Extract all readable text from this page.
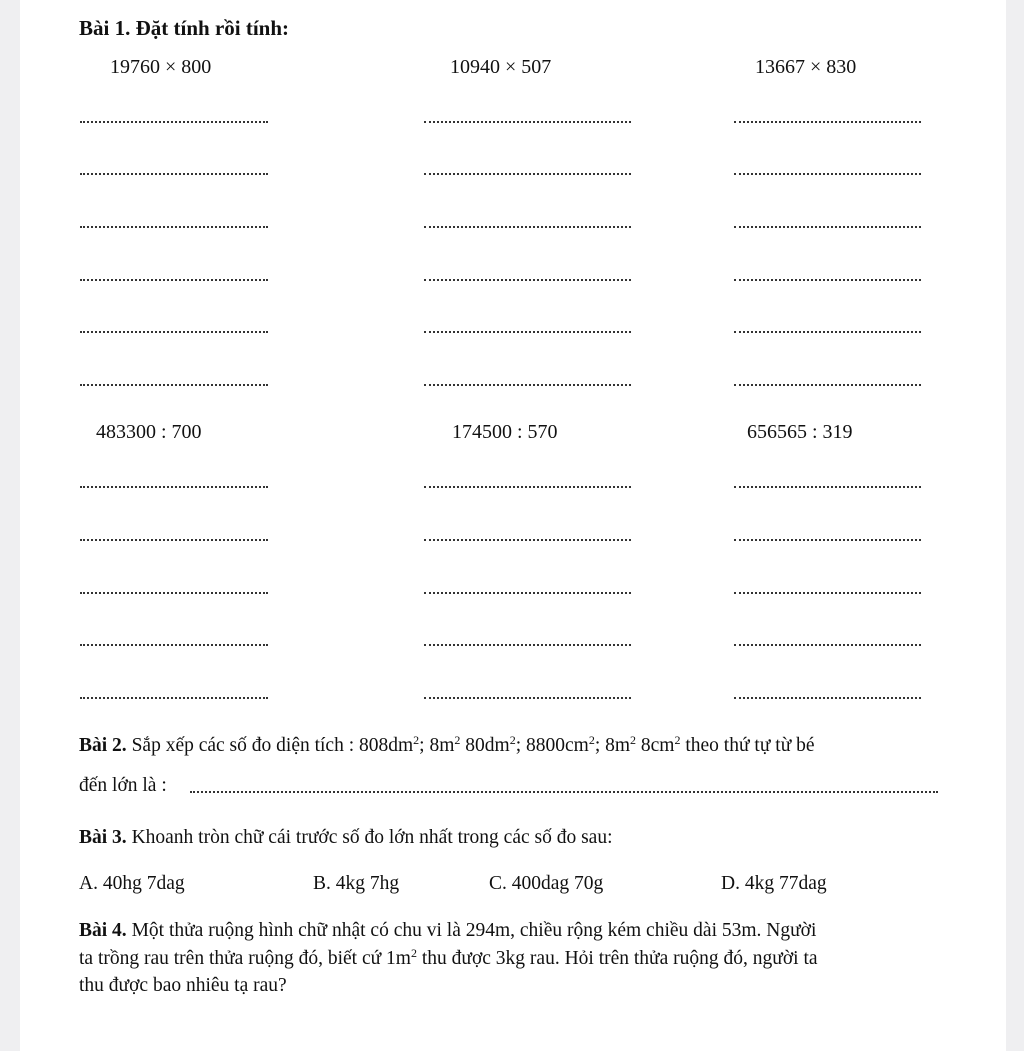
Bài 1. Đặt tính rồi tính:
19760 × 800	10940 × 507	13667 × 830
483300 : 700	174500 : 570	656565 : 319
Bài 2. Sắp xếp các số đo diện tích : $808dm^2$; $8m^2$ $80dm^2$; $8800cm^2$; $8m^2$ $8cm^2$ theo thứ tự từ bé
đến lớn là :
Bài 3. Khoanh tròn chữ cái trước số đo lớn nhất trong các số đo sau:
A. 40hg 7dag	B. 4kg 7hg	C. 400dag 70g	D. 4kg 77dag
Bài 4. Một thửa ruộng hình chữ nhật có chu vi là 294m, chiều rộng kém chiều dài 53m. Người
ta trồng rau trên thửa ruộng đó, biết cứ $1m^2$ thu được 3kg rau. Hỏi trên thửa ruộng đó, người ta
thu được bao nhiêu tạ rau?
